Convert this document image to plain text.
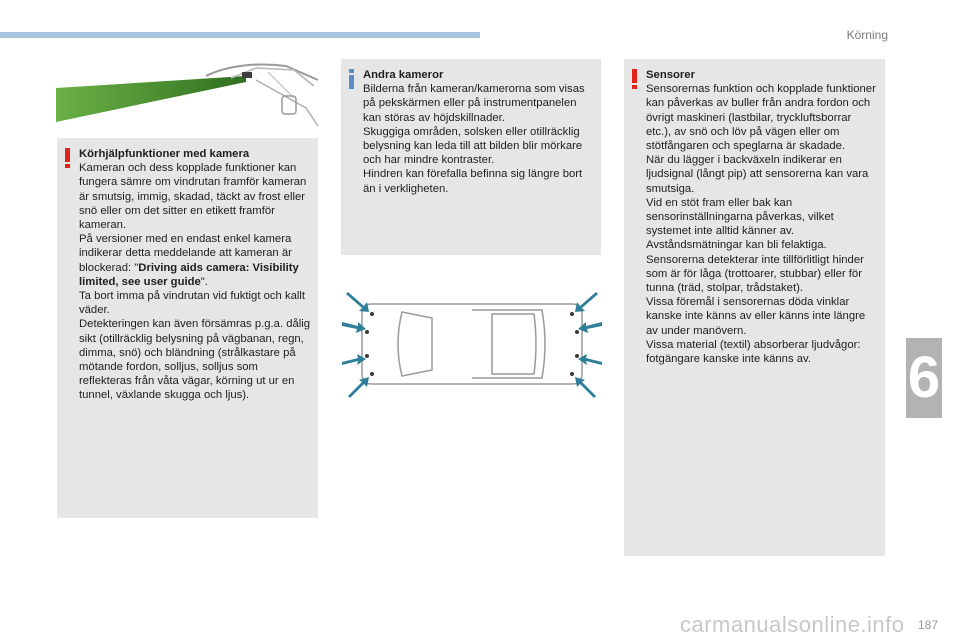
Körning
6
Körhjälpfunktioner med kamera

Kameran och dess kopplade funktioner kan fungera sämre om vindrutan framför kameran är smutsig, immig, skadad, täckt av frost eller snö eller om det sitter en etikett framför kameran.
På versioner med en endast enkel kamera indikerar detta meddelande att kameran är blockerad: "Driving aids camera: Visibility limited, see user guide".
Ta bort imma på vindrutan vid fuktigt och kallt väder.
Detekteringen kan även försämras p.g.a. dålig sikt (otillräcklig belysning på vägbanan, regn, dimma, snö) och bländning (strålkastare på mötande fordon, solljus, solljus som reflekteras från våta vägar, körning ut ur en tunnel, växlande skugga och ljus).

Andra kameror

Bilderna från kameran/kamerorna som visas på pekskärmen eller på instrumentpanelen kan störas av höjdskillnader.
Skuggiga områden, solsken eller otillräcklig belysning kan leda till att bilden blir mörkare och har mindre kontraster.
Hindren kan förefalla befinna sig längre bort än i verkligheten.

Sensorer

Sensorernas funktion och kopplade funktioner kan påverkas av buller från andra fordon och övrigt maskineri (lastbilar, tryckluftsborrar etc.), av snö och löv på vägen eller om stötfångaren och speglarna är skadade.
När du lägger i backväxeln indikerar en ljudsignal (långt pip) att sensorerna kan vara smutsiga.
Vid en stöt fram eller bak kan sensorinställningarna påverkas, vilket systemet inte alltid känner av.
Avståndsmätningar kan bli felaktiga.
Sensorerna detekterar inte tillförlitligt hinder som är för låga (trottoarer, stubbar) eller för tunna (träd, stolpar, trådstaket).
Vissa föremål i sensorernas döda vinklar kanske inte känns av eller känns inte längre av under manövern.
Vissa material (textil) absorberar ljudvågor: fotgängare kanske inte känns av.

carmanualsonline.info 187
